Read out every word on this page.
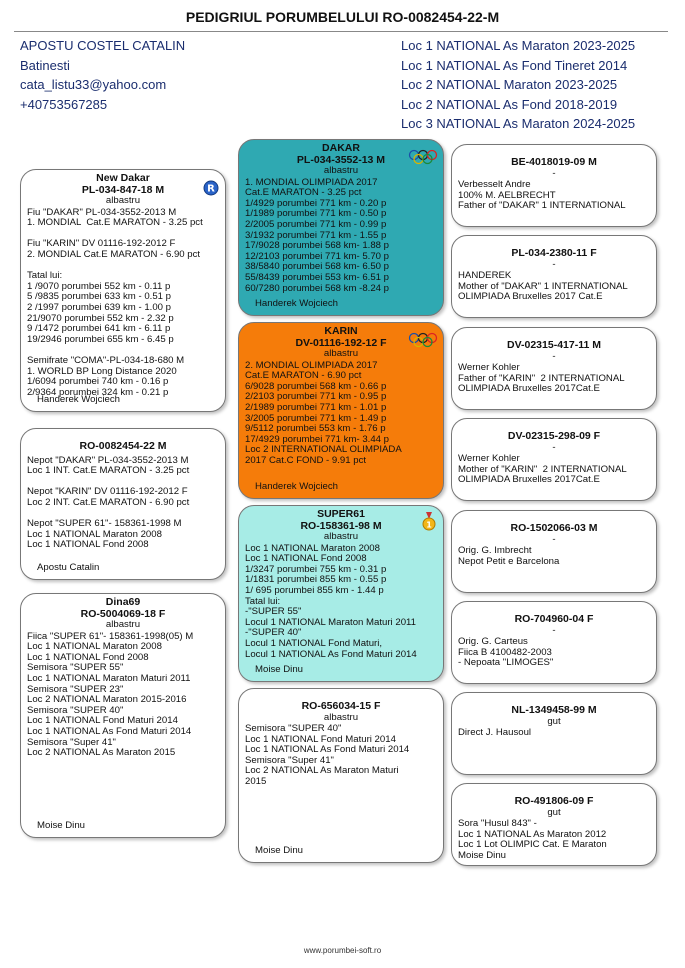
PEDIGRIUL PORUMBELULUI RO-0082454-22-M
APOSTU COSTEL CATALIN
Batinesti
cata_listu33@yahoo.com
+40753567285
Loc 1 NATIONAL As Maraton 2023-2025
Loc 1 NATIONAL As Fond Tineret 2014
Loc 2 NATIONAL Maraton 2023-2025
Loc 2 NATIONAL As Fond 2018-2019
Loc 3 NATIONAL As Maraton 2024-2025
New Dakar
PL-034-847-18 M
albastru
Fiu "DAKAR" PL-034-3552-2013 M
1. MONDIAL  Cat.E MARATON - 3.25 pct

Fiu "KARIN" DV 01116-192-2012 F
2. MONDIAL Cat.E MARATON - 6.90 pct

Tatal lui:
1 /9070 porumbei 552 km - 0.11 p
5 /9835 porumbei 633 km - 0.51 p
2 /1997 porumbei 639 km - 1.00 p
21/9070 porumbei 552 km - 2.32 p
9 /1472 porumbei 641 km - 6.11 p
19/2946 porumbei 655 km - 6.45 p

Semifrate "COMA"-PL-034-18-680 M
1. WORLD BP Long Distance 2020
1/6094 porumbei 740 km - 0.16 p
2/9364 porumbei 324 km - 0.21 p
Handerek Wojciech
R
RO-0082454-22 M
Nepot "DAKAR" PL-034-3552-2013 M
Loc 1 INT. Cat.E MARATON - 3.25 pct

Nepot "KARIN" DV 01116-192-2012 F
Loc 2 INT. Cat.E MARATON - 6.90 pct

Nepot "SUPER 61"- 158361-1998 M
Loc 1 NATIONAL Maraton 2008
Loc 1 NATIONAL Fond 2008
Apostu Catalin
Dina69
RO-5004069-18 F
albastru
Fiica "SUPER 61"- 158361-1998(05) M
Loc 1 NATIONAL Maraton 2008
Loc 1 NATIONAL Fond 2008
Semisora "SUPER 55"
Loc 1 NATIONAL Maraton Maturi 2011
Semisora "SUPER 23"
Loc 2 NATIONAL Maraton 2015-2016
Semisora "SUPER 40"
Loc 1 NATIONAL Fond Maturi 2014
Loc 1 NATIONAL As Fond Maturi 2014
Semisora "Super 41"
Loc 2 NATIONAL As Maraton 2015
Moise Dinu
DAKAR
PL-034-3552-13 M
albastru
1. MONDIAL OLIMPIADA 2017
Cat.E MARATON - 3.25 pct
1/4929 porumbei 771 km - 0.20 p
1/1989 porumbei 771 km - 0.50 p
2/2005 porumbei 771 km - 0.99 p
3/1932 porumbei 771 km - 1.55 p
17/9028 porumbei 568 km- 1.88 p
12/2103 porumbei 771 km- 5.70 p
38/5840 porumbei 568 km- 6.50 p
55/8439 porumbei 553 km- 6.51 p
60/7280 porumbei 568 km -8.24 p
Handerek Wojciech
KARIN
DV-01116-192-12 F
albastru
2. MONDIAL OLIMPIADA 2017
Cat.E MARATON - 6.90 pct
6/9028 porumbei 568 km - 0.66 p
2/2103 porumbei 771 km - 0.95 p
2/1989 porumbei 771 km - 1.01 p
3/2005 porumbei 771 km - 1.49 p
9/5112 porumbei 553 km - 1.76 p
17/4929 porumbei 771 km- 3.44 p
Loc 2 INTERNATIONAL OLIMPIADA
2017 Cat.C FOND - 9.91 pct
Handerek Wojciech
SUPER61
RO-158361-98 M
albastru
Loc 1 NATIONAL Maraton 2008
Loc 1 NATIONAL Fond 2008
1/3247 porumbei 755 km - 0.31 p
1/1831 porumbei 855 km - 0.55 p
1/ 695 porumbei 855 km - 1.44 p
Tatal lui:
-"SUPER 55"
Locul 1 NATIONAL Maraton Maturi 2011
-"SUPER 40"
Locul 1 NATIONAL Fond Maturi,
Locul 1 NATIONAL As Fond Maturi 2014
Moise Dinu
1
RO-656034-15 F
albastru
Semisora "SUPER 40"
Loc 1 NATIONAL Fond Maturi 2014
Loc 1 NATIONAL As Fond Maturi 2014
Semisora "Super 41"
Loc 2 NATIONAL As Maraton Maturi
2015
Moise Dinu
BE-4018019-09 M
-
Verbesselt Andre
100% M. AELBRECHT
Father of "DAKAR" 1 INTERNATIONAL
PL-034-2380-11 F
-
HANDEREK
Mother of "DAKAR" 1 INTERNATIONAL
OLIMPIADA Bruxelles 2017 Cat.E
DV-02315-417-11 M
-
Werner Kohler
Father of "KARIN"  2 INTERNATIONAL
OLIMPIADA Bruxelles 2017Cat.E
DV-02315-298-09 F
-
Werner Kohler
Mother of "KARIN"  2 INTERNATIONAL
OLIMPIADA Bruxelles 2017Cat.E
RO-1502066-03 M
-
Orig. G. Imbrecht
Nepot Petit e Barcelona
RO-704960-04 F
-
Orig. G. Carteus
Fiica B 4100482-2003
- Nepoata "LIMOGES"
NL-1349458-99 M
gut
Direct J. Hausoul
RO-491806-09 F
gut
Sora "Husul 843" -
Loc 1 NATIONAL As Maraton 2012
Loc 1 Lot OLIMPIC Cat. E Maraton
Moise Dinu
www.porumbei-soft.ro
